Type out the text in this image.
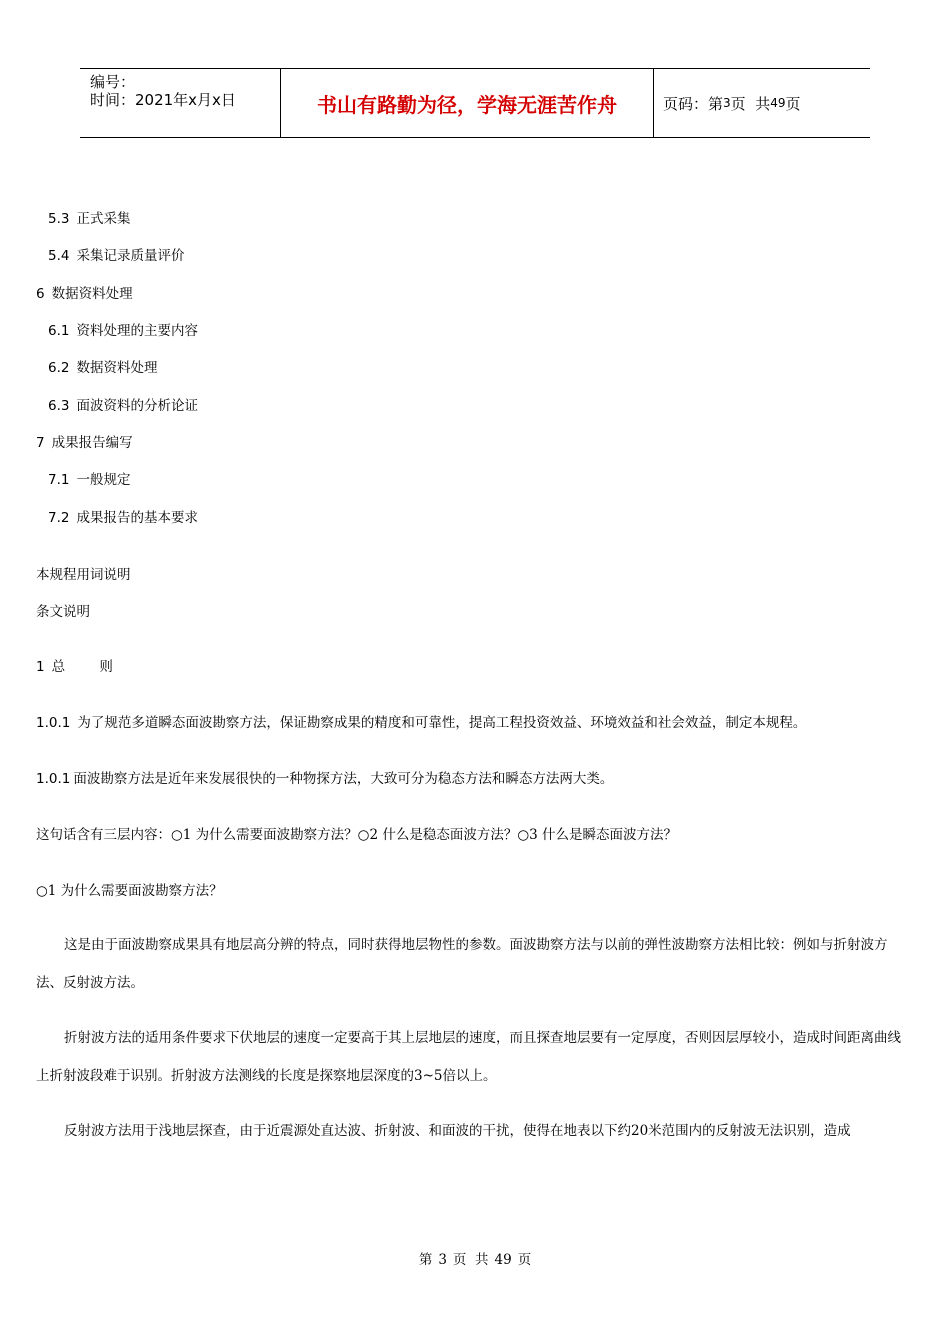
编号：
时间：2021年x月x日	书山有路勤为径，学海无涯苦作舟	页码：第 3 页  共 49 页
5.3 正式采集
5.4 采集记录质量评价
6 数据资料处理
6.1 资料处理的主要内容
6.2 数据资料处理
6.3 面波资料的分析论证
7 成果报告编写
7.1 一般规定
7.2 成果报告的基本要求
本规程用词说明
条文说明
1 总        则
1.0.1 为了规范多道瞬态面波勘察方法，保证勘察成果的精度和可靠性，提高工程投资效益、环境效益和社会效益，制定本规程。
1.0.1 面波勘察方法是近年来发展很快的一种物探方法，大致可分为稳态方法和瞬态方法两大类。
这句话含有三层内容：○1 为什么需要面波勘察方法？○2 什么是稳态面波方法？○3 什么是瞬态面波方法？
○1 为什么需要面波勘察方法？
这是由于面波勘察成果具有地层高分辨的特点，同时获得地层物性的参数。面波勘察方法与以前的弹性波勘察方法相比较：例如与折射波方法、反射波方法。
折射波方法的适用条件要求下伏地层的速度一定要高于其上层地层的速度，而且探查地层要有一定厚度，否则因层厚较小，造成时间距离曲线上折射波段难于识别。折射波方法测线的长度是探察地层深度的3~5倍以上。
反射波方法用于浅地层探查，由于近震源处直达波、折射波、和面波的干扰，使得在地表以下约20米范围内的反射波无法识别，造成
第 3 页  共 49 页
